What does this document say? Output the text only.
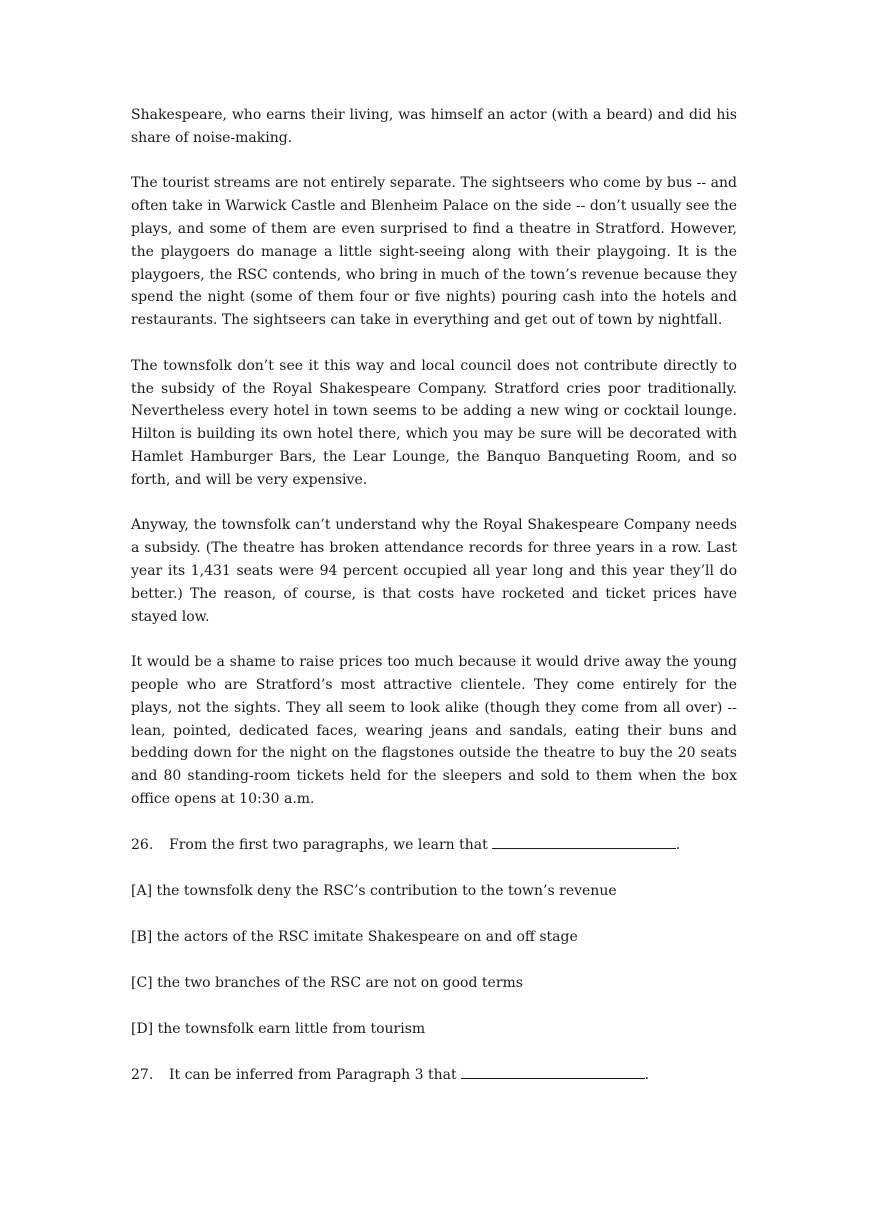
Shakespeare, who earns their living, was himself an actor (with a beard) and did his share of noise-making.

The tourist streams are not entirely separate. The sightseers who come by bus -- and often take in Warwick Castle and Blenheim Palace on the side -- don’t usually see the plays, and some of them are even surprised to find a theatre in Stratford. However, the playgoers do manage a little sight-seeing along with their playgoing. It is the playgoers, the RSC contends, who bring in much of the town’s revenue because they spend the night (some of them four or five nights) pouring cash into the hotels and restaurants. The sightseers can take in everything and get out of town by nightfall.

The townsfolk don’t see it this way and local council does not contribute directly to the subsidy of the Royal Shakespeare Company. Stratford cries poor traditionally. Nevertheless every hotel in town seems to be adding a new wing or cocktail lounge. Hilton is building its own hotel there, which you may be sure will be decorated with Hamlet Hamburger Bars, the Lear Lounge, the Banquo Banqueting Room, and so forth, and will be very expensive.

Anyway, the townsfolk can’t understand why the Royal Shakespeare Company needs a subsidy. (The theatre has broken attendance records for three years in a row. Last year its 1,431 seats were 94 percent occupied all year long and this year they’ll do better.) The reason, of course, is that costs have rocketed and ticket prices have stayed low.

It would be a shame to raise prices too much because it would drive away the young people who are Stratford’s most attractive clientele. They come entirely for the plays, not the sights. They all seem to look alike (though they come from all over) -- lean, pointed, dedicated faces, wearing jeans and sandals, eating their buns and bedding down for the night on the flagstones outside the theatre to buy the 20 seats and 80 standing-room tickets held for the sleepers and sold to them when the box office opens at 10:30 a.m.

26. From the first two paragraphs, we learn that	.
[A] the townsfolk deny the RSC’s contribution to the town’s revenue
[B] the actors of the RSC imitate Shakespeare on and off stage
[C] the two branches of the RSC are not on good terms
[D] the townsfolk earn little from tourism
27. It can be inferred from Paragraph 3 that	.
